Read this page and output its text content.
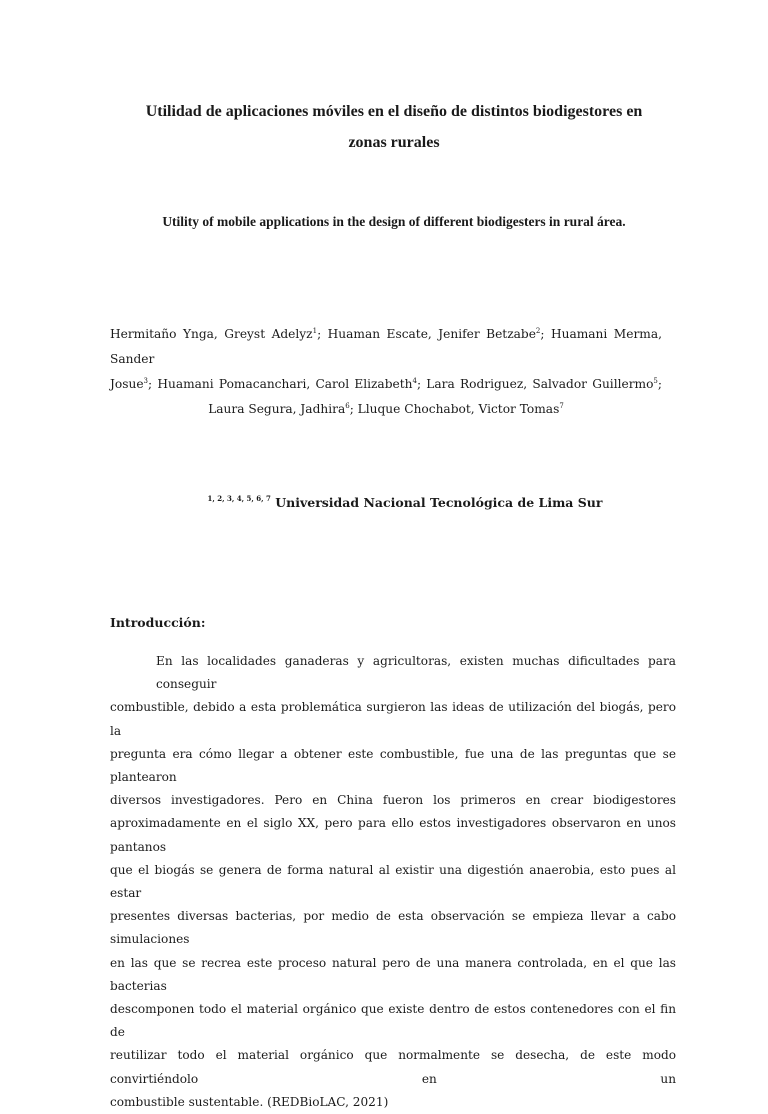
Utilidad de aplicaciones móviles en el diseño de distintos biodigestores en
zonas rurales
Utility of mobile applications in the design of different biodigesters in rural área.

Hermitaño Ynga, Greyst Adelyz$^1$; Huaman Escate, Jenifer Betzabe$^2$; Huamani Merma, Sander
Josue$^3$; Huamani Pomacanchari, Carol Elizabeth$^4$; Lara Rodriguez, Salvador Guillermo$^5$;
Laura Segura, Jadhira$^6$; Lluque Chochabot, Victor Tomas$^7$

$^{1, 2, 3, 4, 5, 6, 7}$ Universidad Nacional Tecnológica de Lima Sur

Introducción:

En las localidades ganaderas y agricultoras, existen muchas dificultades para conseguir
combustible, debido a esta problemática surgieron las ideas de utilización del biogás, pero la
pregunta era cómo llegar a obtener este combustible, fue una de las preguntas que se plantearon
diversos investigadores. Pero en China fueron los primeros en crear biodigestores
aproximadamente en el siglo XX, pero para ello estos investigadores observaron en unos pantanos
que el biogás se genera de forma natural al existir una digestión anaerobia, esto pues al estar
presentes diversas bacterias, por medio de esta observación se empieza llevar a cabo simulaciones
en las que se recrea este proceso natural pero de una manera controlada, en el que las bacterias
descomponen todo el material orgánico que existe dentro de estos contenedores con el fin de
reutilizar todo el material orgánico que normalmente se desecha, de este modo convirtiéndolo en un
combustible sustentable. (REDBioLAC, 2021)
